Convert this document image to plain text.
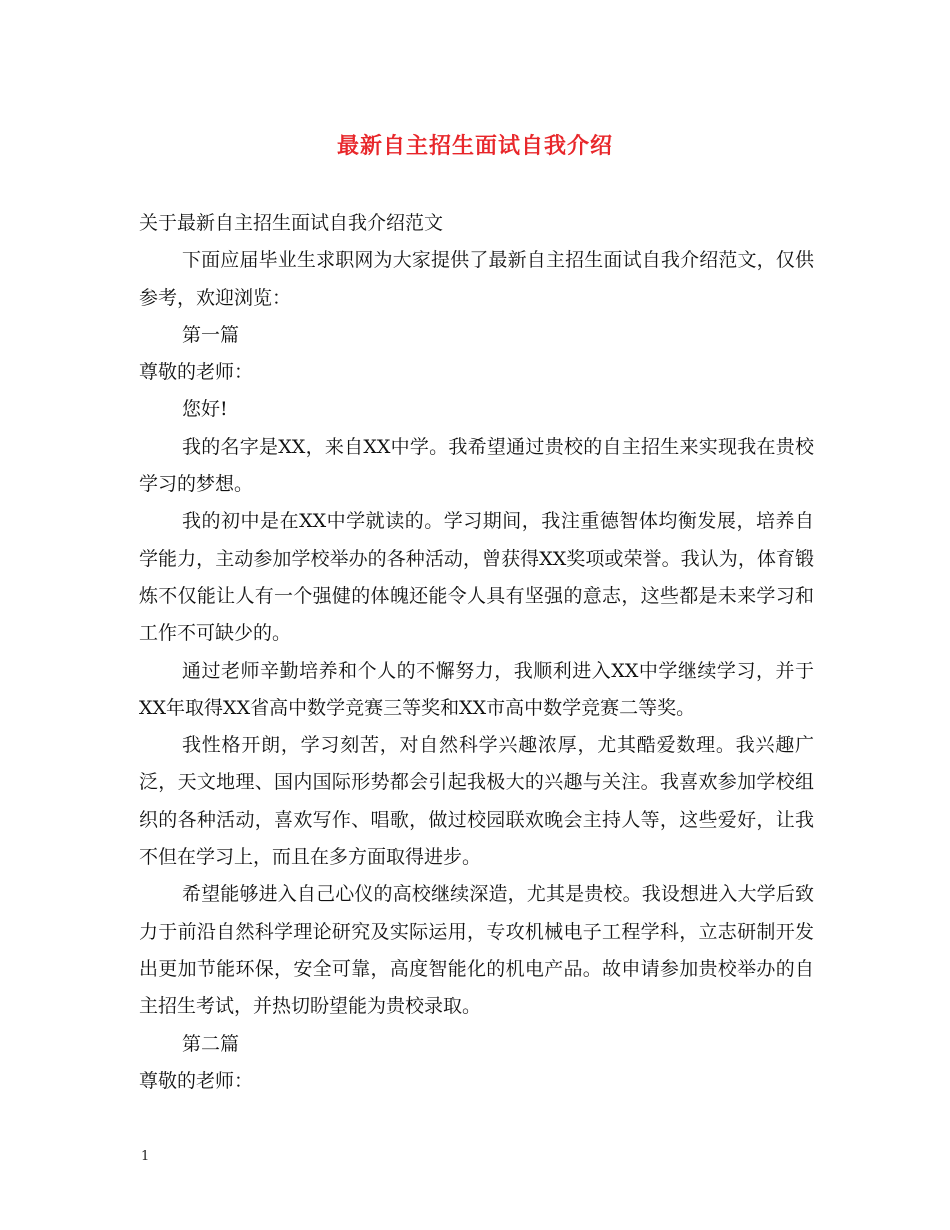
最新自主招生面试自我介绍

关于最新自主招生面试自我介绍范文

下面应届毕业生求职网为大家提供了最新自主招生面试自我介绍范文，仅供参考，欢迎浏览：

第一篇

尊敬的老师：

您好!

我的名字是XX，来自XX中学。我希望通过贵校的自主招生来实现我在贵校学习的梦想。

我的初中是在XX中学就读的。学习期间，我注重德智体均衡发展，培养自学能力，主动参加学校举办的各种活动，曾获得XX奖项或荣誉。我认为，体育锻炼不仅能让人有一个强健的体魄还能令人具有坚强的意志，这些都是未来学习和工作不可缺少的。

通过老师辛勤培养和个人的不懈努力，我顺利进入XX中学继续学习，并于XX年取得XX省高中数学竞赛三等奖和XX市高中数学竞赛二等奖。

我性格开朗，学习刻苦，对自然科学兴趣浓厚，尤其酷爱数理。我兴趣广泛，天文地理、国内国际形势都会引起我极大的兴趣与关注。我喜欢参加学校组织的各种活动，喜欢写作、唱歌，做过校园联欢晚会主持人等，这些爱好，让我不但在学习上，而且在多方面取得进步。

希望能够进入自己心仪的高校继续深造，尤其是贵校。我设想进入大学后致力于前沿自然科学理论研究及实际运用，专攻机械电子工程学科，立志研制开发出更加节能环保，安全可靠，高度智能化的机电产品。故申请参加贵校举办的自主招生考试，并热切盼望能为贵校录取。

第二篇

尊敬的老师：

1
